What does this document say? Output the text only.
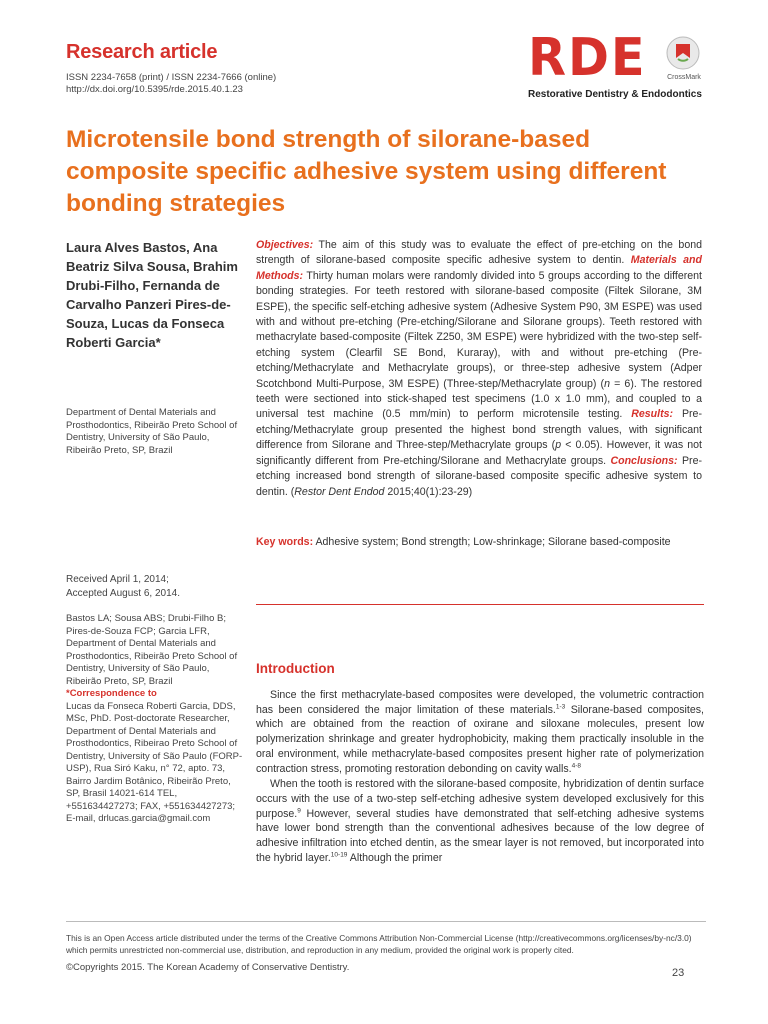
Research article
ISSN 2234-7658 (print) / ISSN 2234-7666 (online)
http://dx.doi.org/10.5395/rde.2015.40.1.23
RDE	CrossMark
Restorative Dentistry & Endodontics
Microtensile bond strength of silorane-based composite specific adhesive system using different bonding strategies
Laura Alves Bastos, Ana Beatriz Silva Sousa, Brahim Drubi-Filho, Fernanda de Carvalho Panzeri Pires-de-Souza, Lucas da Fonseca Roberti Garcia*
Department of Dental Materials and Prosthodontics, Ribeirão Preto School of Dentistry, University of São Paulo, Ribeirão Preto, SP, Brazil
Received April 1, 2014;
Accepted August 6, 2014.
Bastos LA; Sousa ABS; Drubi-Filho B; Pires-de-Souza FCP; Garcia LFR, Department of Dental Materials and Prosthodontics, Ribeirão Preto School of Dentistry, University of São Paulo, Ribeirão Preto, SP, Brazil
*Correspondence to
Lucas da Fonseca Roberti Garcia, DDS, MSc, PhD. Post-doctorate Researcher, Department of Dental Materials and Prosthodontics, Ribeirao Preto School of Dentistry, University of São Paulo (FORP-USP), Rua Siró Kaku, n° 72, apto. 73, Bairro Jardim Botânico, Ribeirão Preto, SP, Brasil 14021-614 TEL, +551634427273; FAX, +551634427273; E-mail, drlucas.garcia@gmail.com
Objectives: The aim of this study was to evaluate the effect of pre-etching on the bond strength of silorane-based composite specific adhesive system to dentin. Materials and Methods: Thirty human molars were randomly divided into 5 groups according to the different bonding strategies. For teeth restored with silorane-based composite (Filtek Silorane, 3M ESPE), the specific self-etching adhesive system (Adhesive System P90, 3M ESPE) was used with and without pre-etching (Pre-etching/Silorane and Silorane groups). Teeth restored with methacrylate based-composite (Filtek Z250, 3M ESPE) were hybridized with the two-step self-etching system (Clearfil SE Bond, Kuraray), with and without pre-etching (Pre-etching/Methacrylate and Methacrylate groups), or three-step adhesive system (Adper Scotchbond Multi-Purpose, 3M ESPE) (Three-step/Methacrylate group) (n = 6). The restored teeth were sectioned into stick-shaped test specimens (1.0 x 1.0 mm), and coupled to a universal test machine (0.5 mm/min) to perform microtensile testing. Results: Pre-etching/Methacrylate group presented the highest bond strength values, with significant difference from Silorane and Three-step/Methacrylate groups (p < 0.05). However, it was not significantly different from Pre-etching/Silorane and Methacrylate groups. Conclusions: Pre-etching increased bond strength of silorane-based composite specific adhesive system to dentin. (Restor Dent Endod 2015;40(1):23-29)
Key words: Adhesive system; Bond strength; Low-shrinkage; Silorane based-composite
Introduction

Since the first methacrylate-based composites were developed, the volumetric contraction has been considered the major limitation of these materials.$^{1-3}$ Silorane-based composites, which are obtained from the reaction of oxirane and siloxane molecules, present low polymerization shrinkage and greater hydrophobicity, making them practically insoluble in the oral environment, while methacrylate-based composites present higher rate of polymerization contraction stress, promoting restoration debonding on cavity walls.$^{4-8}$

When the tooth is restored with the silorane-based composite, hybridization of dentin surface occurs with the use of a two-step self-etching adhesive system developed exclusively for this purpose.$^9$ However, several studies have demonstrated that self-etching adhesive systems have lower bond strength than the conventional adhesives because of the low degree of adhesive infiltration into etched dentin, as the smear layer is not removed, but incorporated into the hybrid layer.$^{10-19}$ Although the primer

This is an Open Access article distributed under the terms of the Creative Commons Attribution Non-Commercial License (http://creativecommons.org/licenses/by-nc/3.0) which permits unrestricted non-commercial use, distribution, and reproduction in any medium, provided the original work is properly cited.
©Copyrights 2015. The Korean Academy of Conservative Dentistry.	23
